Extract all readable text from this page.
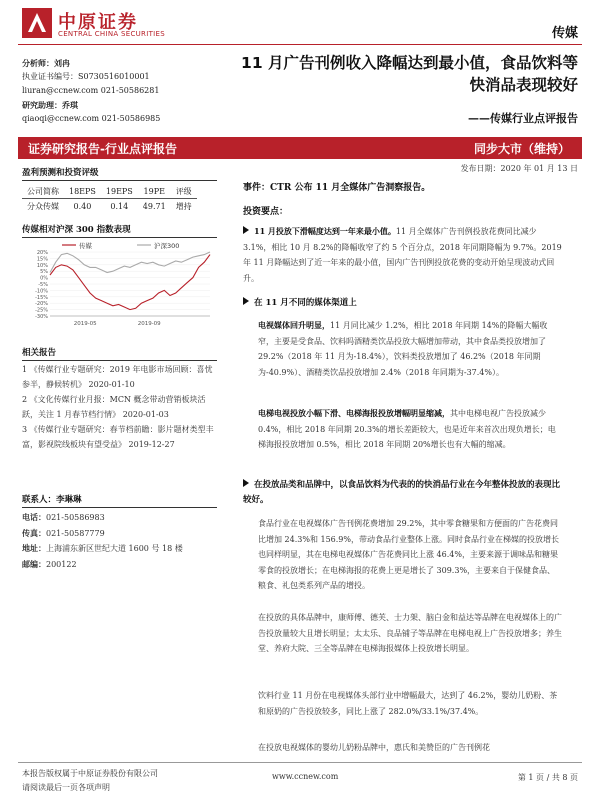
中原证券
CENTRAL CHINA SECURITIES	传媒
分析师：刘冉
执业证书编号：S0730516010001
liuran@ccnew.com 021-50586281
研究助理：乔琪
qiaoqi@ccnew.com 021-50586985
11 月广告刊例收入降幅达到最小值，食品饮料等快消品表现较好
——传媒行业点评报告
证券研究报告-行业点评报告	同步大市（维持）
盈利预测和投资评级
公司简称	18EPS	19EPS	19PE	评级
分众传媒	0.40	0.14	49.71	增持
传媒相对沪深 300 指数表现
传媒	沪深300
20%
15%
10%
5%
0%
-5%
-10%
-15%
-20%
-25%
-30%
2019-05	2019-09
相关报告
1 《传媒行业专题研究：2019 年电影市场回顾：喜忧参半，静候转机》 2020-01-10
2 《文化传媒行业月报：MCN 概念带动营销板块活跃，关注 1 月春节档行情》 2020-01-03
3 《传媒行业专题研究：春节档前瞻：影片题材类型丰富，影视院线板块有望受益》 2019-12-27
联系人：李琳琳
电话：021-50586983
传真：021-50587779
地址：上海浦东新区世纪大道 1600 号 18 楼
邮编：200122
发布日期：2020 年 01 月 13 日
事件：CTR 公布 11 月全媒体广告洞察报告。
投资要点：
11 月投放下滑幅度达到一年来最小值。11 月全媒体广告刊例投放花费同比减少 3.1%，相比 10 月 8.2%的降幅收窄了约 5 个百分点，2018 年同期降幅为 9.7%。2019 年 11 月降幅达到了近一年来的最小值，国内广告刊例投放花费的变动开始呈现波动式回升。
在 11 月不同的媒体渠道上
电视媒体回升明显，11 月同比减少 1.2%，相比 2018 年同期 14%的降幅大幅收窄，主要是受食品、饮料吗酒精类饮品投放大幅增加带动，其中食品类投放增加了 29.2%（2018 年 11 月为-18.4%），饮料类投放增加了 46.2%（2018 年同期为-40.9%）、酒精类饮品投放增加 2.4%（2018 年同期为-37.4%）。
电梯电视投放小幅下滑、电梯海报投放增幅明显缩减，其中电梯电视广告投放减少 0.4%，相比 2018 年同期 20.3%的增长差距较大，也是近年来首次出现负增长；电梯海报投放增加 0.5%，相比 2018 年同期 20%增长也有大幅的缩减。
在投放品类和品牌中，以食品饮料为代表的的快消品行业在今年整体投放的表现比较好。
食品行业在电视媒体广告刊例花费增加 29.2%，其中零食糖果和方便面的广告花费同比增加 24.3%和 156.9%，带动食品行业整体上涨。同时食品行业在梯媒的投放增长也同样明显，其在电梯电视媒体广告花费同比上涨 46.4%，主要来源于调味品和糖果零食的投放增长；在电梯海报的花费上更是增长了 309.3%，主要来自于保健食品、粮食、礼包类系列产品的增投。
在投放的具体品牌中，康师傅、德芙、士力架、脑白金和益达等品牌在电视媒体上的广告投放量较大且增长明显；太太乐、良品铺子等品牌在电梯电视上广告投放增多；养生堂、养府大院、三全等品牌在电梯海报媒体上投放增长明显。
饮料行业 11 月份在电视媒体头部行业中增幅最大，达到了 46.2%，婴幼儿奶粉、茶和原奶的广告投放较多，同比上涨了 282.0%/33.1%/37.4%。
在投放电视媒体的婴幼儿奶粉品牌中，惠氏和美赞臣的广告刊例花
本报告版权属于中原证券股份有限公司
请阅读最后一页各项声明
www.ccnew.com	第 1 页 / 共 8 页
